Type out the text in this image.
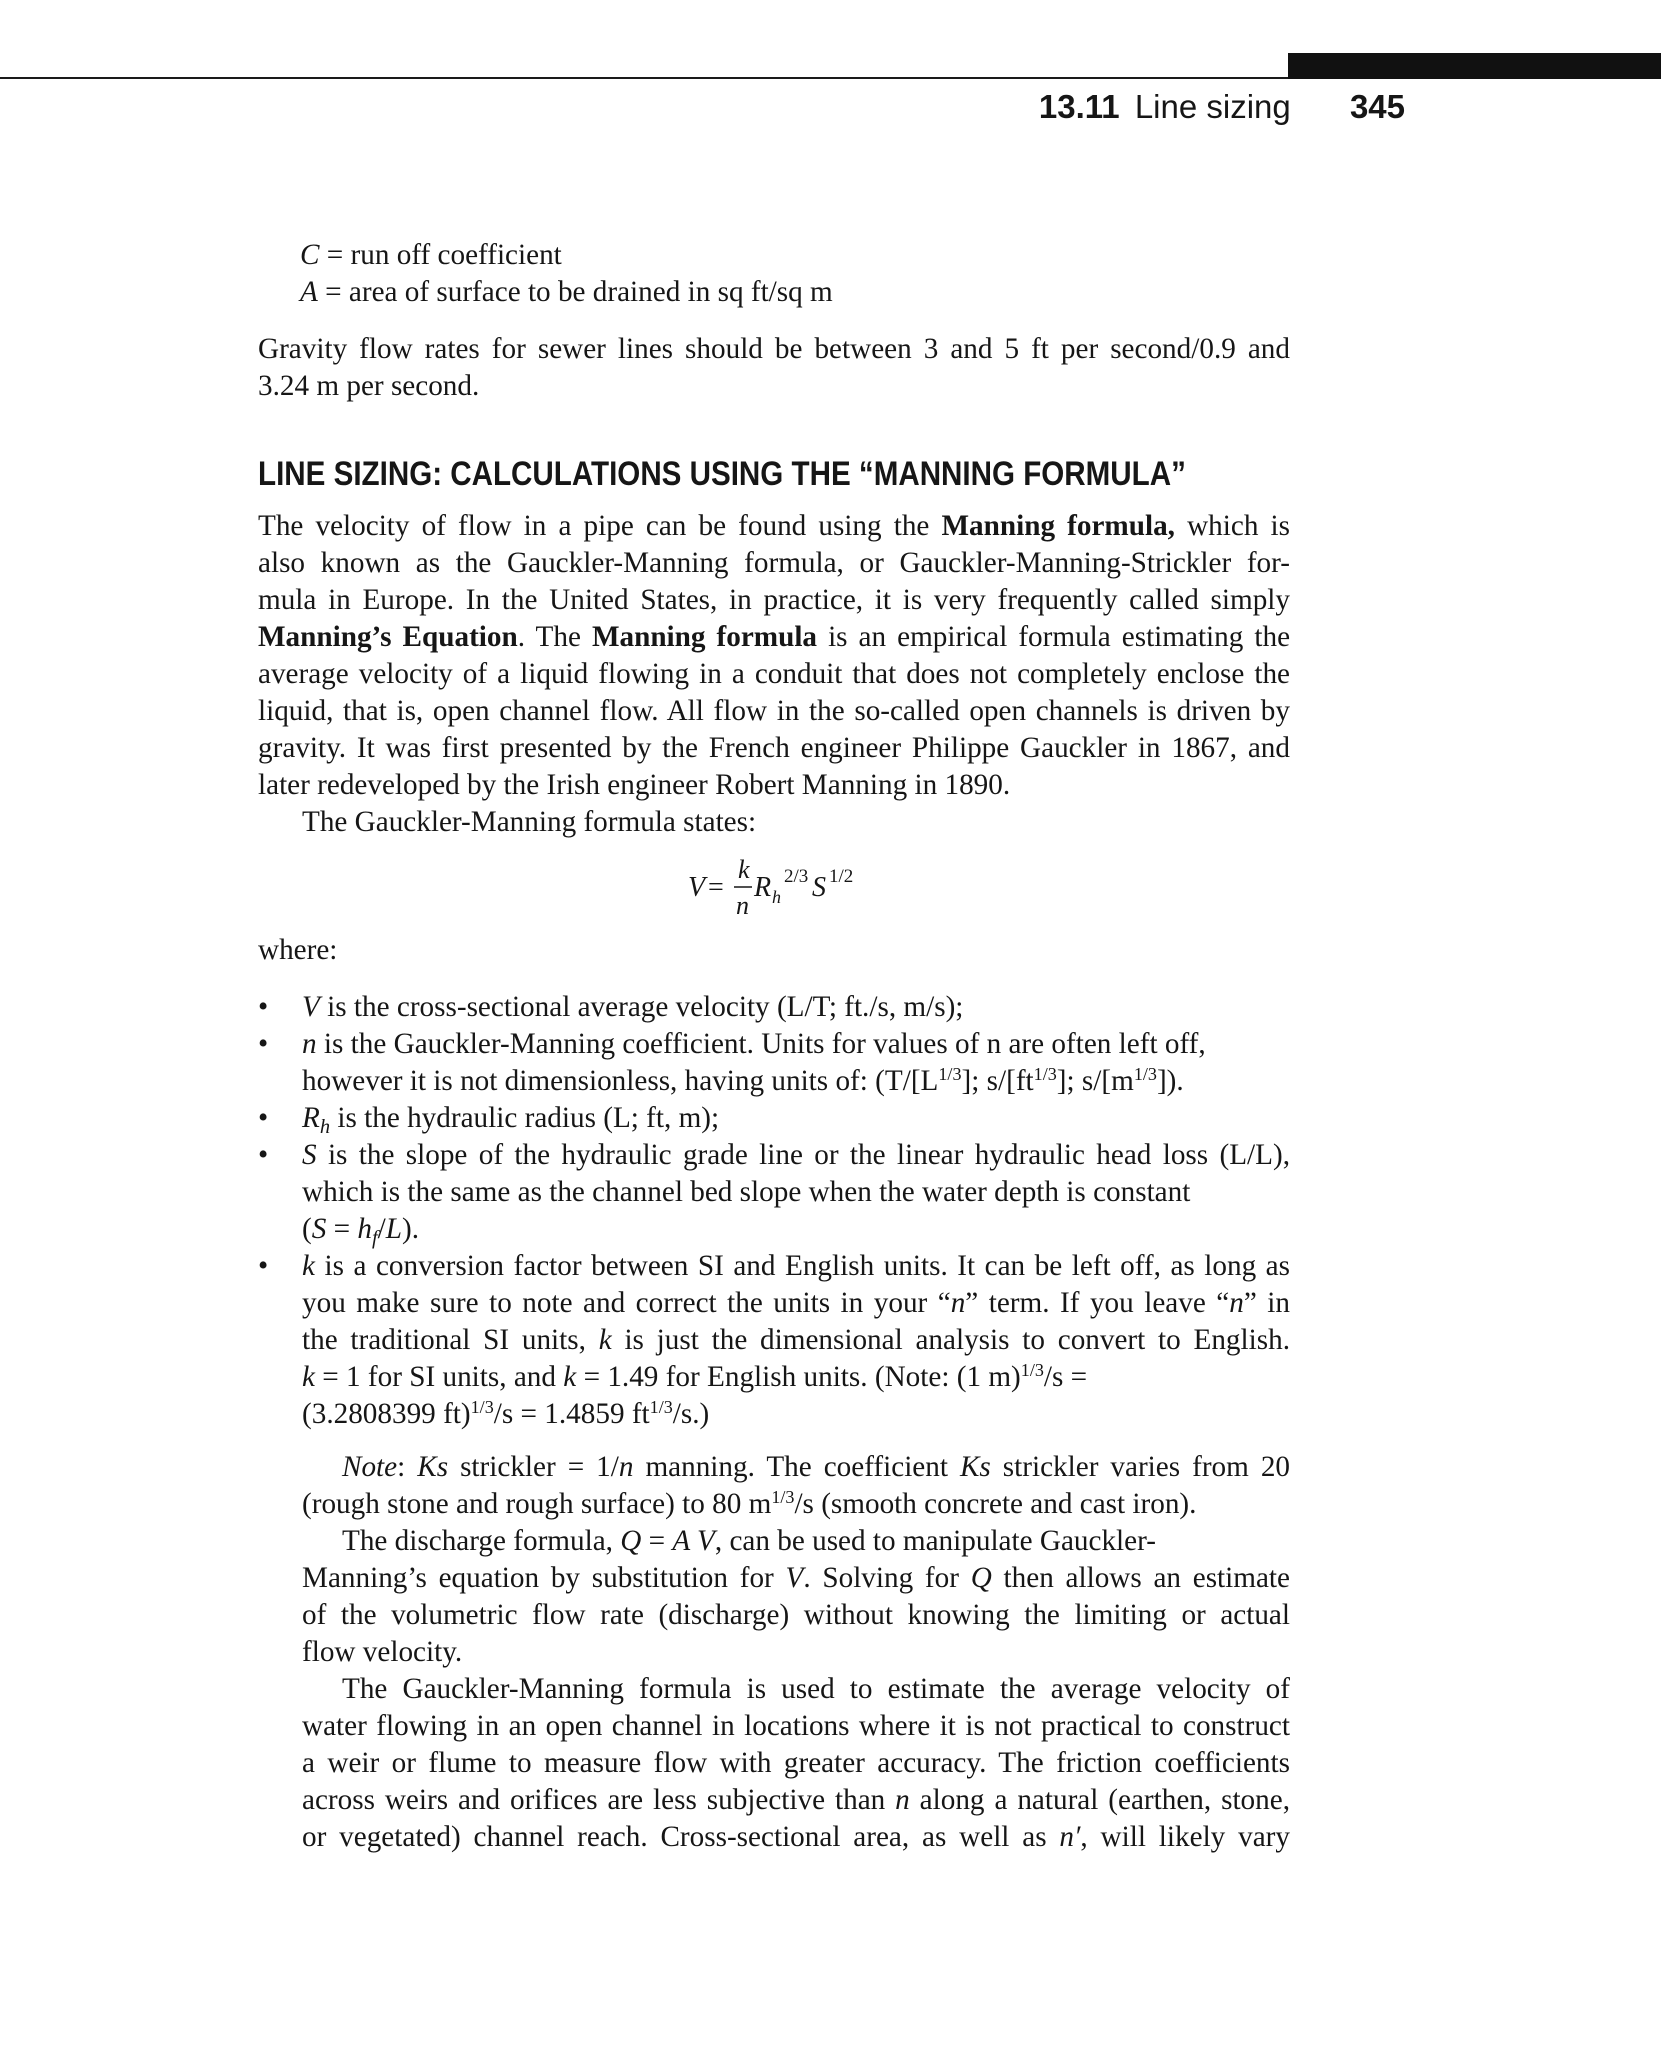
13.11 Line sizing 345
C = run off coefficient
A = area of surface to be drained in sq ft/sq m
Gravity flow rates for sewer lines should be between 3 and 5 ft per second/0.9 and
3.24 m per second.
LINE SIZING: CALCULATIONS USING THE “MANNING FORMULA”
The velocity of flow in a pipe can be found using the Manning formula, which is
also known as the Gauckler-Manning formula, or Gauckler-Manning-Strickler for-
mula in Europe. In the United States, in practice, it is very frequently called simply
Manning’s Equation. The Manning formula is an empirical formula estimating the
average velocity of a liquid flowing in a conduit that does not completely enclose the
liquid, that is, open channel flow. All flow in the so-called open channels is driven by
gravity. It was first presented by the French engineer Philippe Gauckler in 1867, and
later redeveloped by the Irish engineer Robert Manning in 1890.
The Gauckler-Manning formula states:
V =
k
n
R h
2/3 S 1/2
where:
• V is the cross-sectional average velocity (L/T; ft./s, m/s);
• n is the Gauckler-Manning coefficient. Units for values of n are often left off,
however it is not dimensionless, having units of: ($T/[L^{1/3}]$; $s/[ft^{1/3}]$; $s/[m^{1/3}]$).
• $R_h$ is the hydraulic radius (L; ft, m);
• S is the slope of the hydraulic grade line or the linear hydraulic head loss (L/L),
which is the same as the channel bed slope when the water depth is constant
$(S = h_f/L)$.
• k is a conversion factor between SI and English units. It can be left off, as long as
you make sure to note and correct the units in your “n” term. If you leave “n” in
the traditional SI units, k is just the dimensional analysis to convert to English.
k = 1 for SI units, and k = 1.49 for English units. (Note: (1 m)$^{1/3}$/s =
(3.2808399 ft)$^{1/3}$/s = 1.4859 $ft^{1/3}/s$.)
Note: Ks strickler = 1/n manning. The coefficient Ks strickler varies from 20
(rough stone and rough surface) to 80 $m^{1/3}/s$ (smooth concrete and cast iron).
The discharge formula, Q = A V, can be used to manipulate Gauckler-
Manning’s equation by substitution for V. Solving for Q then allows an estimate
of the volumetric flow rate (discharge) without knowing the limiting or actual
flow velocity.
The Gauckler-Manning formula is used to estimate the average velocity of
water flowing in an open channel in locations where it is not practical to construct
a weir or flume to measure flow with greater accuracy. The friction coefficients
across weirs and orifices are less subjective than n along a natural (earthen, stone,
or vegetated) channel reach. Cross-sectional area, as well as n′, will likely vary
